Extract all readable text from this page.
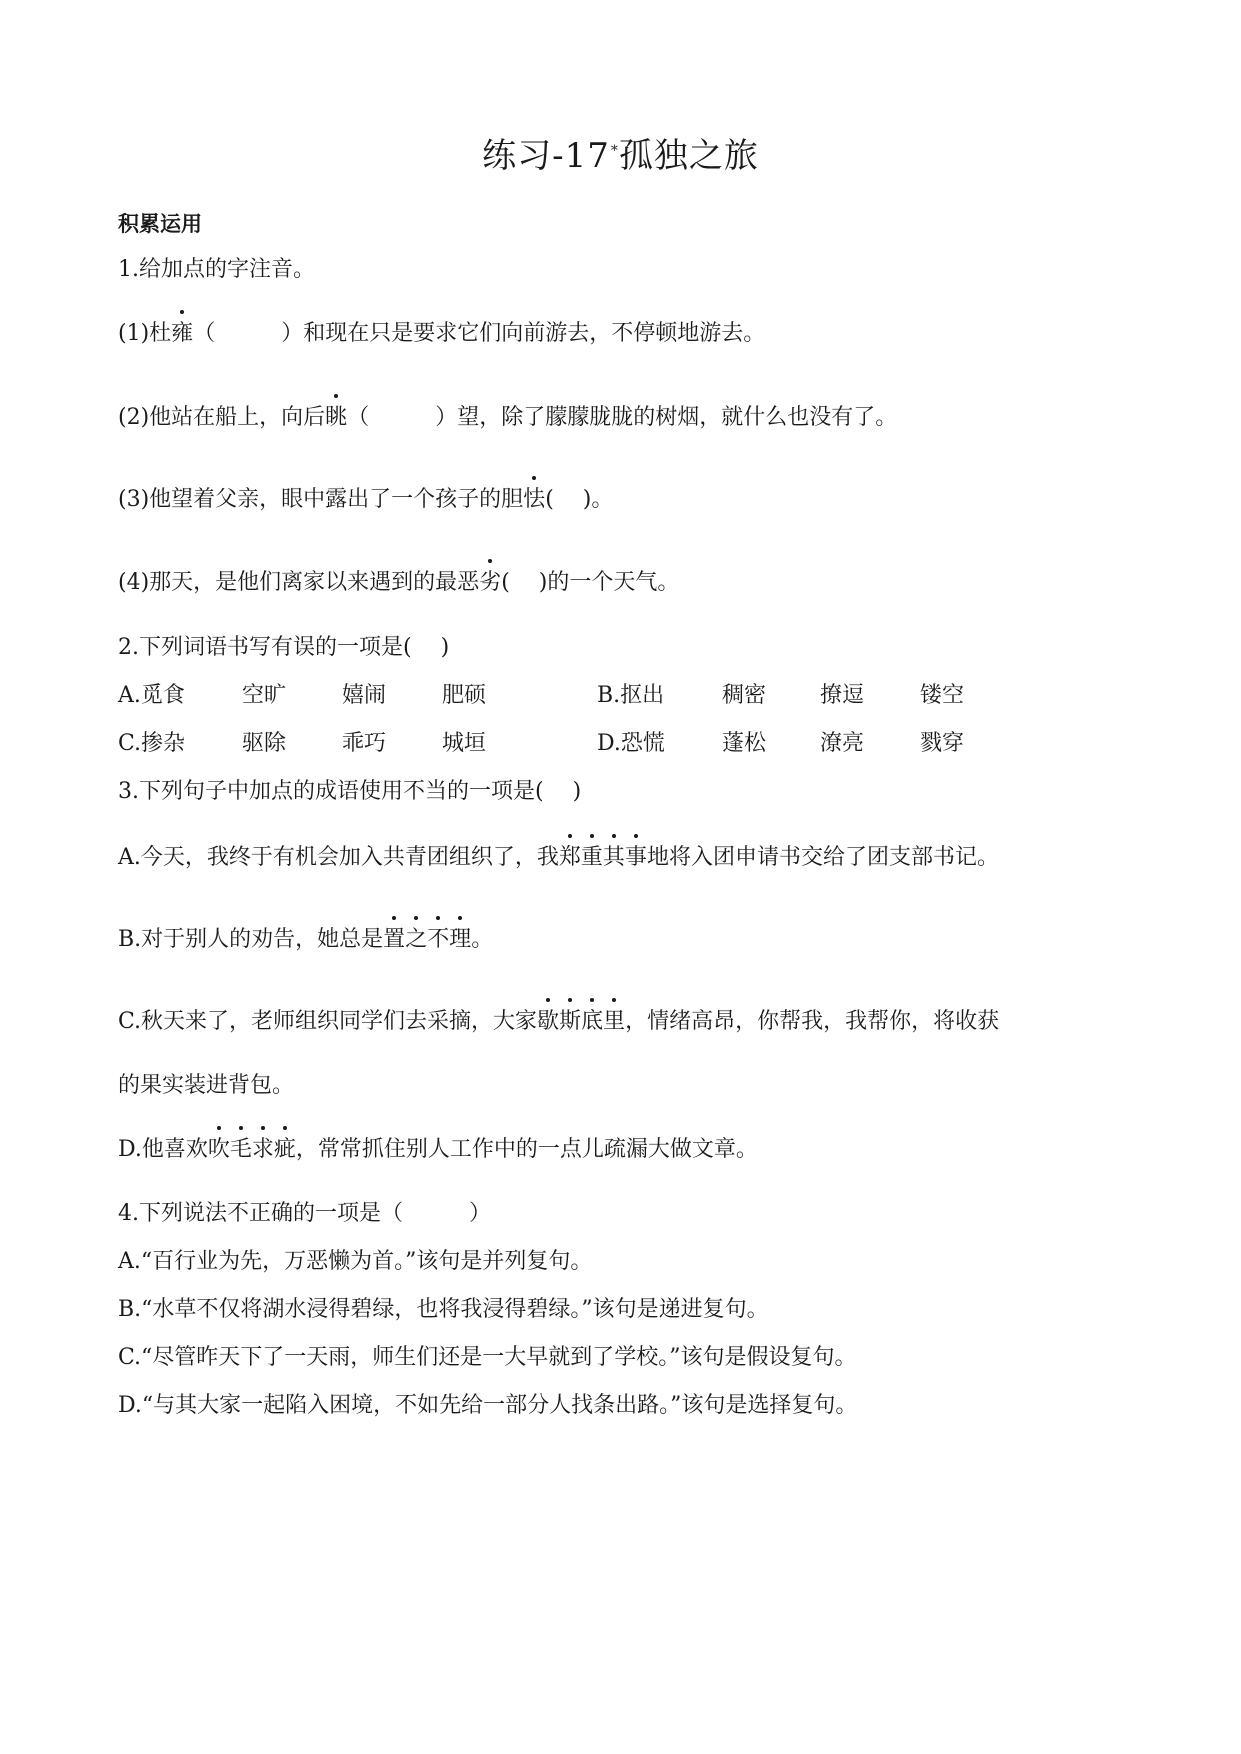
练习-17*孤独之旅
积累运用
1.给加点的字注音。
(1)杜雍（　　　）和现在只是要求它们向前游去，不停顿地游去。
(2)他站在船上，向后眺（　　　）望，除了朦朦胧胧的树烟，就什么也没有了。
(3)他望着父亲，眼中露出了一个孩子的胆怯(　 )。
(4)那天，是他们离家以来遇到的最恶劣(　 )的一个天气。
2.下列词语书写有误的一项是(　 )
A.觅食	空旷	嬉闹	肥硕	B.抠出	稠密 撩逗	镂空
C.掺杂	驱除	乖巧	城垣	D.恐慌	蓬松 潦亮	戮穿
3.下列句子中加点的成语使用不当的一项是(　 )
A.今天，我终于有机会加入共青团组织了，我郑重其事地将入团申请书交给了团支部书记。
B.对于别人的劝告，她总是置之不理。
C.秋天来了，老师组织同学们去采摘，大家歇斯底里，情绪高昂，你帮我，我帮你，将收获
的果实装进背包。
D.他喜欢吹毛求疵，常常抓住别人工作中的一点儿疏漏大做文章。
4.下列说法不正确的一项是（　　　）
A.“百行业为先，万恶懒为首。”该句是并列复句。
B.“水草不仅将湖水浸得碧绿，也将我浸得碧绿。”该句是递进复句。
C.“尽管昨天下了一天雨，师生们还是一大早就到了学校。”该句是假设复句。
D.“与其大家一起陷入困境，不如先给一部分人找条出路。”该句是选择复句。
